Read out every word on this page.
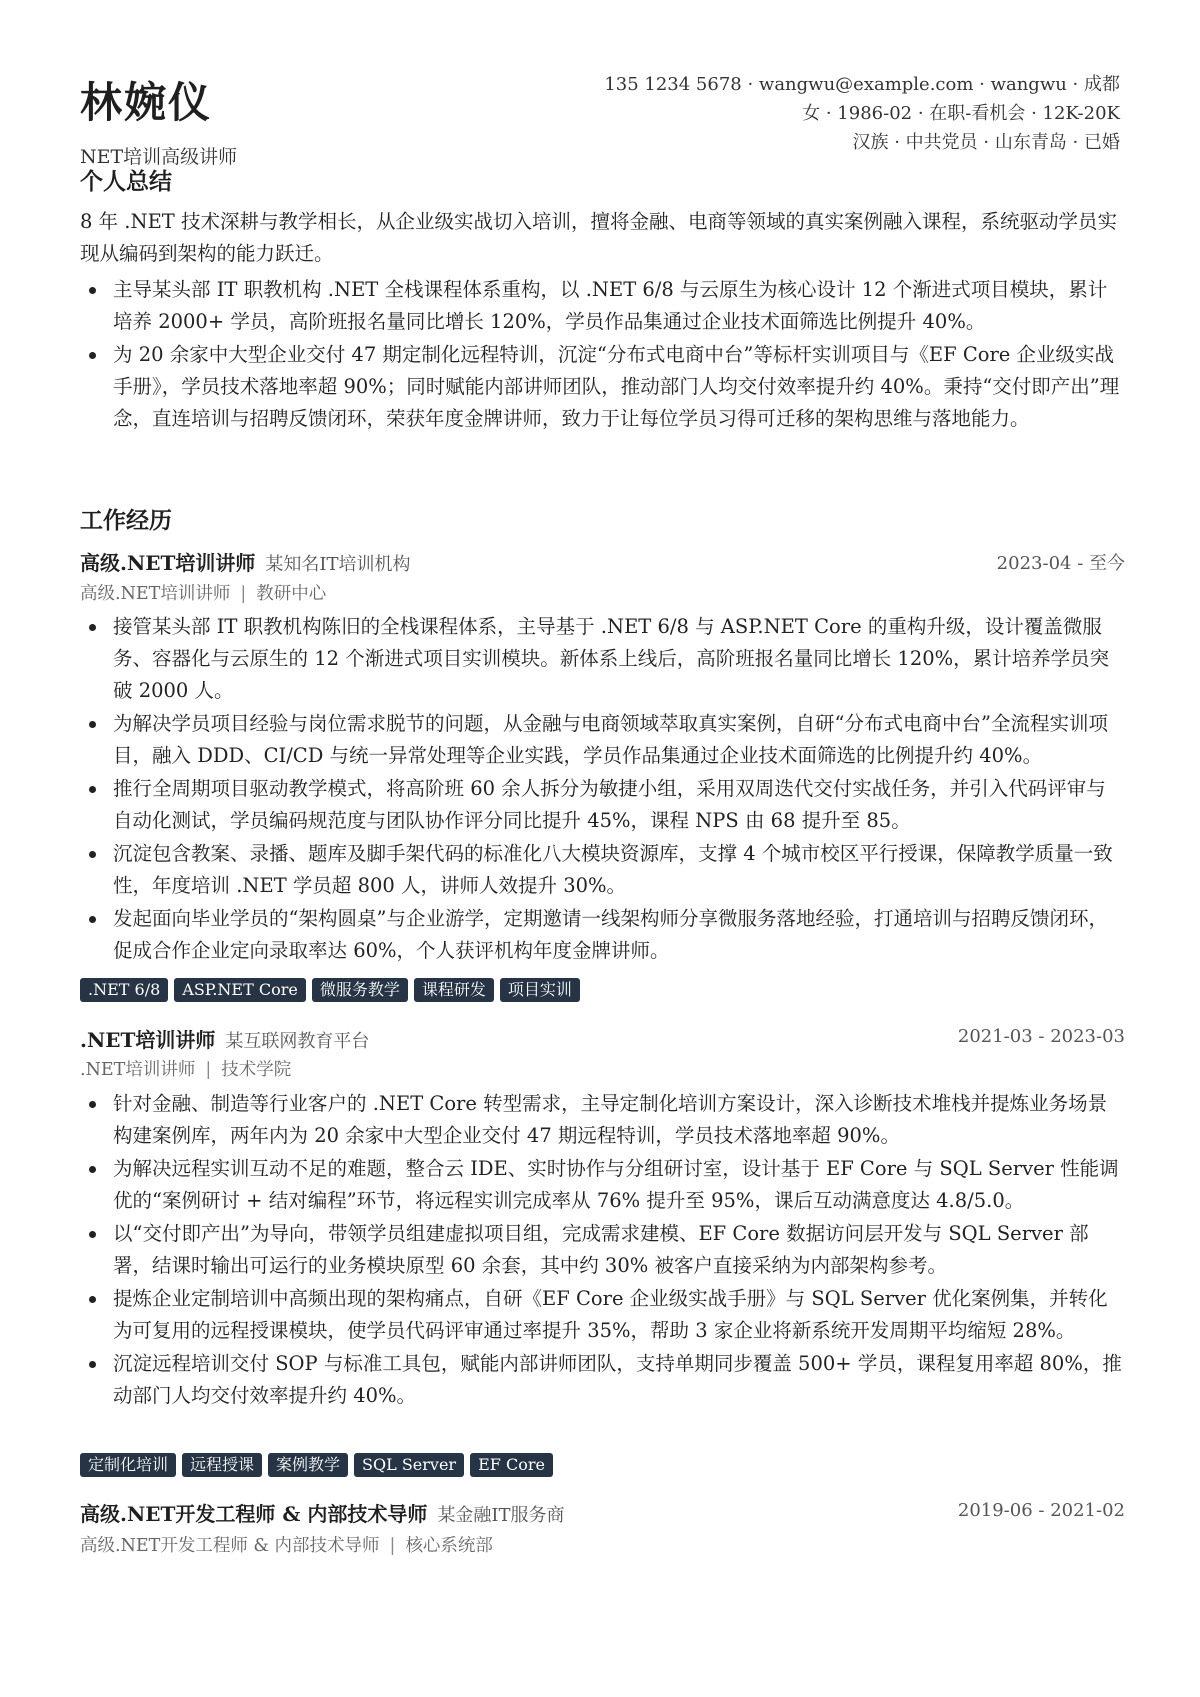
林婉仪
NET培训高级讲师
135 1234 5678 · wangwu@example.com · wangwu · 成都
女 · 1986-02 · 在职-看机会 · 12K-20K
汉族 · 中共党员 · 山东青岛 · 已婚
个人总结
8 年 .NET 技术深耕与教学相长，从企业级实战切入培训，擅将金融、电商等领域的真实案例融入课程，系统驱动学员实现从编码到架构的能力跃迁。
主导某头部 IT 职教机构 .NET 全栈课程体系重构，以 .NET 6/8 与云原生为核心设计 12 个渐进式项目模块，累计培养 2000+ 学员，高阶班报名量同比增长 120%，学员作品集通过企业技术面筛选比例提升 40%。
为 20 余家中大型企业交付 47 期定制化远程特训，沉淀“分布式电商中台”等标杆实训项目与《EF Core 企业级实战手册》，学员技术落地率超 90%；同时赋能内部讲师团队，推动部门人均交付效率提升约 40%。秉持“交付即产出”理念，直连培训与招聘反馈闭环，荣获年度金牌讲师，致力于让每位学员习得可迁移的架构思维与落地能力。
工作经历
高级.NET培训讲师 某知名IT培训机构	2023-04 - 至今
高级.NET培训讲师 | 教研中心
接管某头部 IT 职教机构陈旧的全栈课程体系，主导基于 .NET 6/8 与 ASP.NET Core 的重构升级，设计覆盖微服务、容器化与云原生的 12 个渐进式项目实训模块。新体系上线后，高阶班报名量同比增长 120%，累计培养学员突破 2000 人。
为解决学员项目经验与岗位需求脱节的问题，从金融与电商领域萃取真实案例，自研“分布式电商中台”全流程实训项目，融入 DDD、CI/CD 与统一异常处理等企业实践，学员作品集通过企业技术面筛选的比例提升约 40%。
推行全周期项目驱动教学模式，将高阶班 60 余人拆分为敏捷小组，采用双周迭代交付实战任务，并引入代码评审与自动化测试，学员编码规范度与团队协作评分同比提升 45%，课程 NPS 由 68 提升至 85。
沉淀包含教案、录播、题库及脚手架代码的标准化八大模块资源库，支撑 4 个城市校区平行授课，保障教学质量一致性，年度培训 .NET 学员超 800 人，讲师人效提升 30%。
发起面向毕业学员的“架构圆桌”与企业游学，定期邀请一线架构师分享微服务落地经验，打通培训与招聘反馈闭环，促成合作企业定向录取率达 60%，个人获评机构年度金牌讲师。
.NET 6/8	ASP.NET Core	微服务教学	课程研发	项目实训
.NET培训讲师 某互联网教育平台	2021-03 - 2023-03
.NET培训讲师 | 技术学院
针对金融、制造等行业客户的 .NET Core 转型需求，主导定制化培训方案设计，深入诊断技术堆栈并提炼业务场景构建案例库，两年内为 20 余家中大型企业交付 47 期远程特训，学员技术落地率超 90%。
为解决远程实训互动不足的难题，整合云 IDE、实时协作与分组研讨室，设计基于 EF Core 与 SQL Server 性能调优的“案例研讨 + 结对编程”环节，将远程实训完成率从 76% 提升至 95%，课后互动满意度达 4.8/5.0。
以“交付即产出”为导向，带领学员组建虚拟项目组，完成需求建模、EF Core 数据访问层开发与 SQL Server 部署，结课时输出可运行的业务模块原型 60 余套，其中约 30% 被客户直接采纳为内部架构参考。
提炼企业定制培训中高频出现的架构痛点，自研《EF Core 企业级实战手册》与 SQL Server 优化案例集，并转化为可复用的远程授课模块，使学员代码评审通过率提升 35%，帮助 3 家企业将新系统开发周期平均缩短 28%。
沉淀远程培训交付 SOP 与标准工具包，赋能内部讲师团队，支持单期同步覆盖 500+ 学员，课程复用率超 80%，推动部门人均交付效率提升约 40%。
定制化培训	远程授课	案例教学	SQL Server	EF Core
高级.NET开发工程师 & 内部技术导师 某金融IT服务商	2019-06 - 2021-02
高级.NET开发工程师 & 内部技术导师 | 核心系统部
